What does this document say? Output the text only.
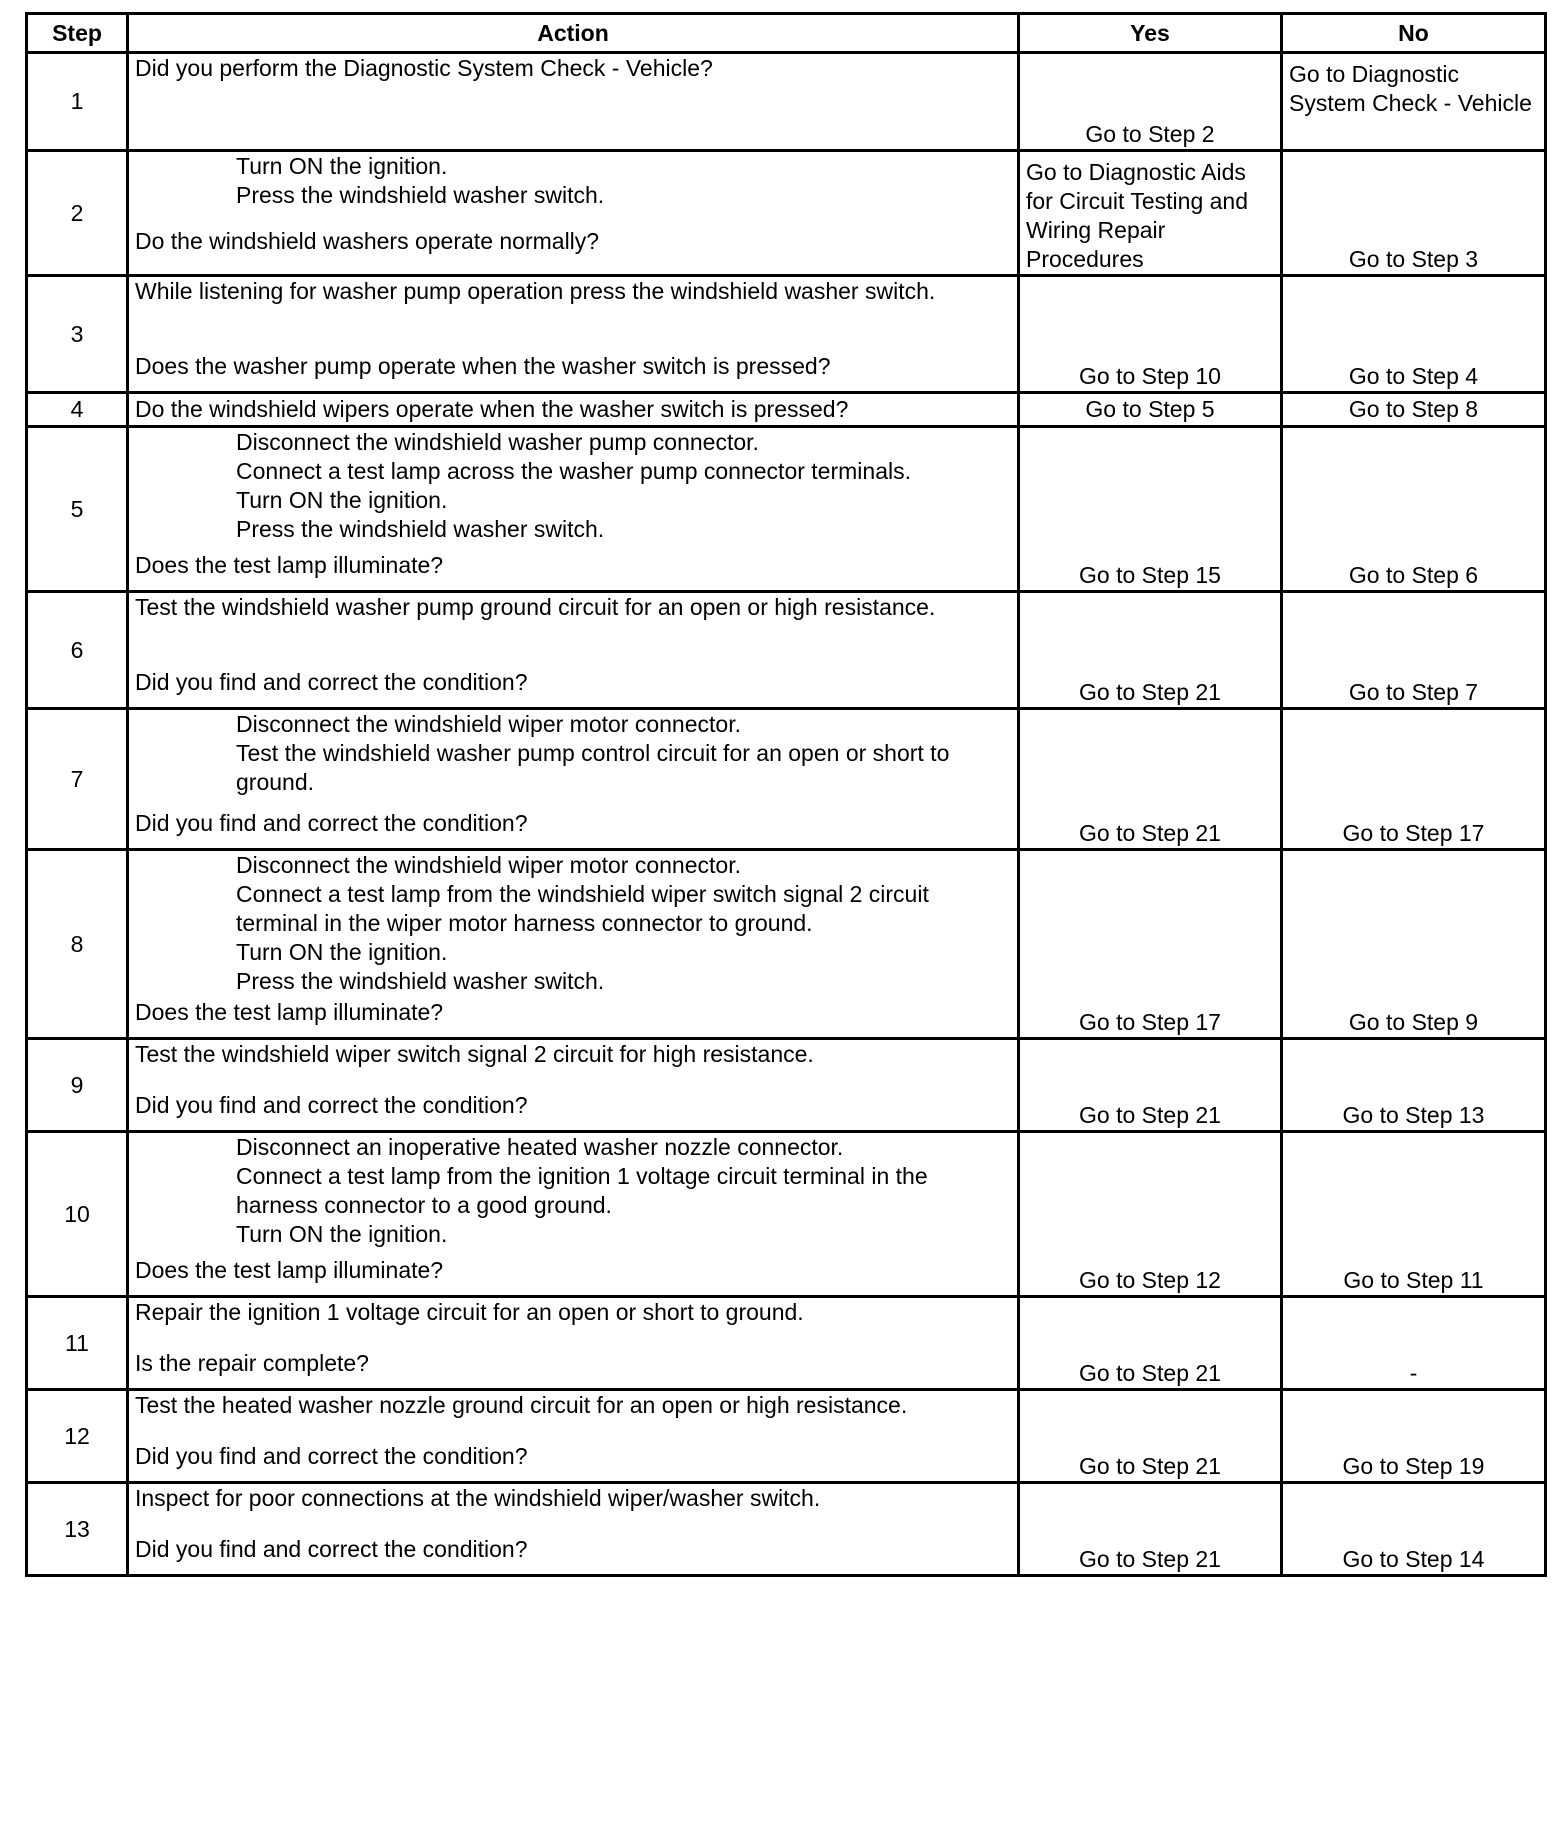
Step	Action	Yes	No
1	Did you perform the Diagnostic System Check - Vehicle?	Go to Step 2	Go to Diagnostic System Check - Vehicle
2	Turn ON the ignition.
Press the windshield washer switch.
Do the windshield washers operate normally?	Go to Diagnostic Aids for Circuit Testing and Wiring Repair Procedures	Go to Step 3
3	While listening for washer pump operation press the windshield washer switch.
Does the washer pump operate when the washer switch is pressed?	Go to Step 10	Go to Step 4
4	Do the windshield wipers operate when the washer switch is pressed?	Go to Step 5	Go to Step 8
5	Disconnect the windshield washer pump connector.
Connect a test lamp across the washer pump connector terminals.
Turn ON the ignition.
Press the windshield washer switch.
Does the test lamp illuminate?	Go to Step 15	Go to Step 6
6	Test the windshield washer pump ground circuit for an open or high resistance.
Did you find and correct the condition?	Go to Step 21	Go to Step 7
7	Disconnect the windshield wiper motor connector.
Test the windshield washer pump control circuit for an open or short to ground.
Did you find and correct the condition?	Go to Step 21	Go to Step 17
8	Disconnect the windshield wiper motor connector.
Connect a test lamp from the windshield wiper switch signal 2 circuit terminal in the wiper motor harness connector to ground.
Turn ON the ignition.
Press the windshield washer switch.
Does the test lamp illuminate?	Go to Step 17	Go to Step 9
9	Test the windshield wiper switch signal 2 circuit for high resistance.
Did you find and correct the condition?	Go to Step 21	Go to Step 13
10	Disconnect an inoperative heated washer nozzle connector.
Connect a test lamp from the ignition 1 voltage circuit terminal in the harness connector to a good ground.
Turn ON the ignition.
Does the test lamp illuminate?	Go to Step 12	Go to Step 11
11	Repair the ignition 1 voltage circuit for an open or short to ground.
Is the repair complete?	Go to Step 21	-
12	Test the heated washer nozzle ground circuit for an open or high resistance.
Did you find and correct the condition?	Go to Step 21	Go to Step 19
13	Inspect for poor connections at the windshield wiper/washer switch.
Did you find and correct the condition?	Go to Step 21	Go to Step 14
